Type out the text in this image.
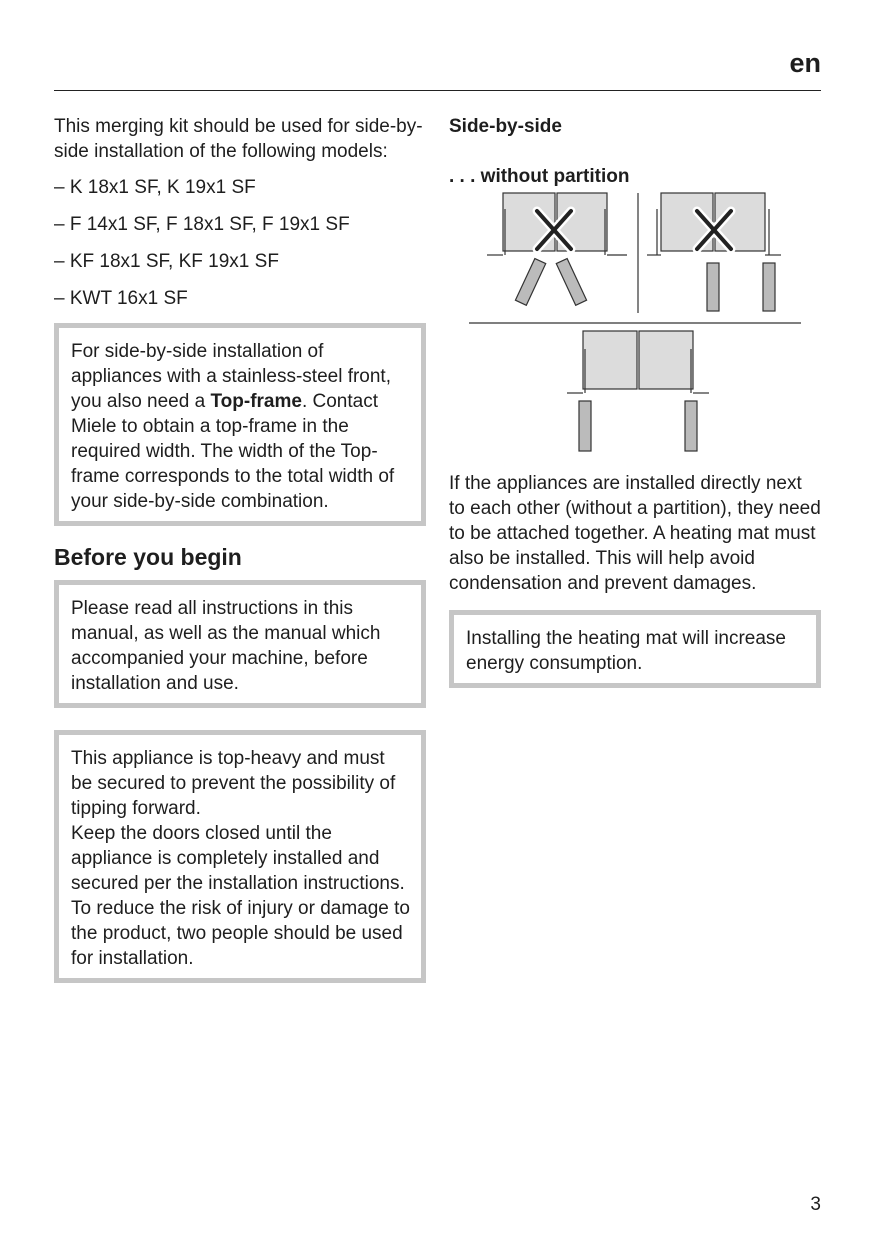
en

This merging kit should be used for side-by-side installation of the following models:

– K 18x1 SF, K 19x1 SF
– F 14x1 SF, F 18x1 SF, F 19x1 SF
– KF 18x1 SF, KF 19x1 SF
– KWT 16x1 SF
For side-by-side installation of appliances with a stainless-steel front, you also need a Top-frame. Contact Miele to obtain a top-frame in the required width. The width of the Top-frame corresponds to the total width of your side-by-side combination.
Before you begin
Please read all instructions in this manual, as well as the manual which accompanied your machine, before installation and use.
This appliance is top-heavy and must be secured to prevent the possibility of tipping forward.
Keep the doors closed until the appliance is completely installed and secured per the installation instructions.
To reduce the risk of injury or damage to the product, two people should be used for installation.

Side-by-side

. . . without partition

If the appliances are installed directly next to each other (without a partition), they need to be attached together. A heating mat must also be installed. This will help avoid condensation and prevent damages.

Installing the heating mat will increase energy consumption.
3
